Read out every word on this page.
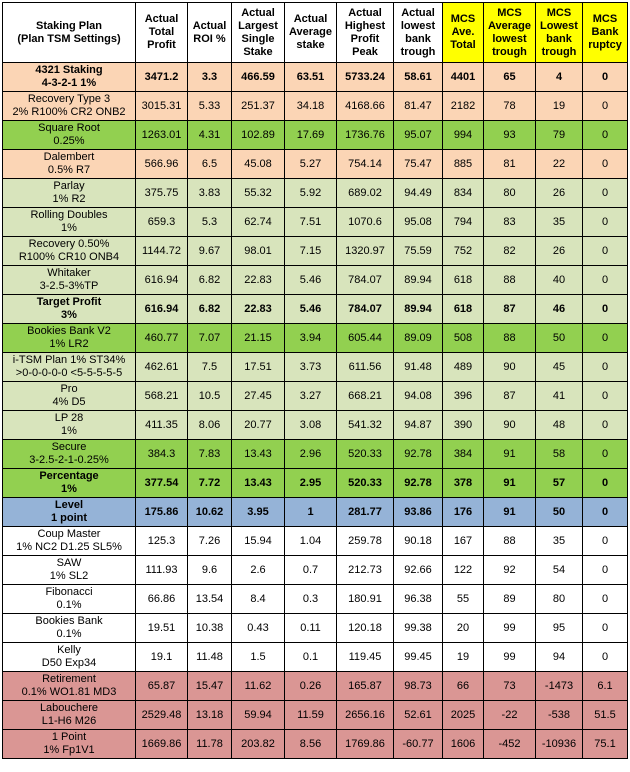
Staking Plan
(Plan TSM Settings)	Actual
Total
Profit	Actual
ROI %	Actual
Largest
Single
Stake	Actual
Average
stake	Actual
Highest
Profit
Peak	Actual
lowest
bank
trough	MCS
Ave.
Total	MCS
Average
lowest
trough	MCS
Lowest
bank
trough	MCS
Bank
ruptcy

4321 Staking
4-3-2-1 1%	3471.2	3.3	466.59	63.51	5733.24	58.61	4401	65	4	0

Recovery Type 3
2% R100% CR2 ONB2	3015.31	5.33	251.37	34.18	4168.66	81.47	2182	78	19	0

Square Root
0.25%	1263.01	4.31	102.89	17.69	1736.76	95.07	994	93	79	0

Dalembert
0.5% R7	566.96	6.5	45.08	5.27	754.14	75.47	885	81	22	0

Parlay
1% R2	375.75	3.83	55.32	5.92	689.02	94.49	834	80	26	0

Rolling Doubles
1%	659.3	5.3	62.74	7.51	1070.6	95.08	794	83	35	0

Recovery 0.50%
R100% CR10 ONB4	1144.72	9.67	98.01	7.15	1320.97	75.59	752	82	26	0

Whitaker
3-2.5-3%TP	616.94	6.82	22.83	5.46	784.07	89.94	618	88	40	0

Target Profit
3%	616.94	6.82	22.83	5.46	784.07	89.94	618	87	46	0

Bookies Bank V2
1% LR2	460.77	7.07	21.15	3.94	605.44	89.09	508	88	50	0

i-TSM Plan 1% ST34%
>0-0-0-0-0 <5-5-5-5-5	462.61	7.5	17.51	3.73	611.56	91.48	489	90	45	0

Pro
4% D5	568.21	10.5	27.45	3.27	668.21	94.08	396	87	41	0

LP 28
1%	411.35	8.06	20.77	3.08	541.32	94.87	390	90	48	0

Secure
3-2.5-2-1-0.25%	384.3	7.83	13.43	2.96	520.33	92.78	384	91	58	0

Percentage
1%	377.54	7.72	13.43	2.95	520.33	92.78	378	91	57	0

Level
1 point	175.86	10.62	3.95	1	281.77	93.86	176	91	50	0

Coup Master
1% NC2 D1.25 SL5%	125.3	7.26	15.94	1.04	259.78	90.18	167	88	35	0

SAW
1% SL2	111.93	9.6	2.6	0.7	212.73	92.66	122	92	54	0

Fibonacci
0.1%	66.86	13.54	8.4	0.3	180.91	96.38	55	89	80	0

Bookies Bank
0.1%	19.51	10.38	0.43	0.11	120.18	99.38	20	99	95	0

Kelly
D50 Exp34	19.1	11.48	1.5	0.1	119.45	99.45	19	99	94	0

Retirement
0.1% WO1.81 MD3	65.87	15.47	11.62	0.26	165.87	98.73	66	73	-1473	6.1

Labouchere
L1-H6 M26	2529.48	13.18	59.94	11.59	2656.16	52.61	2025	-22	-538	51.5

1 Point
1% Fp1V1	1669.86	11.78	203.82	8.56	1769.86	-60.77	1606	-452	-10936	75.1
